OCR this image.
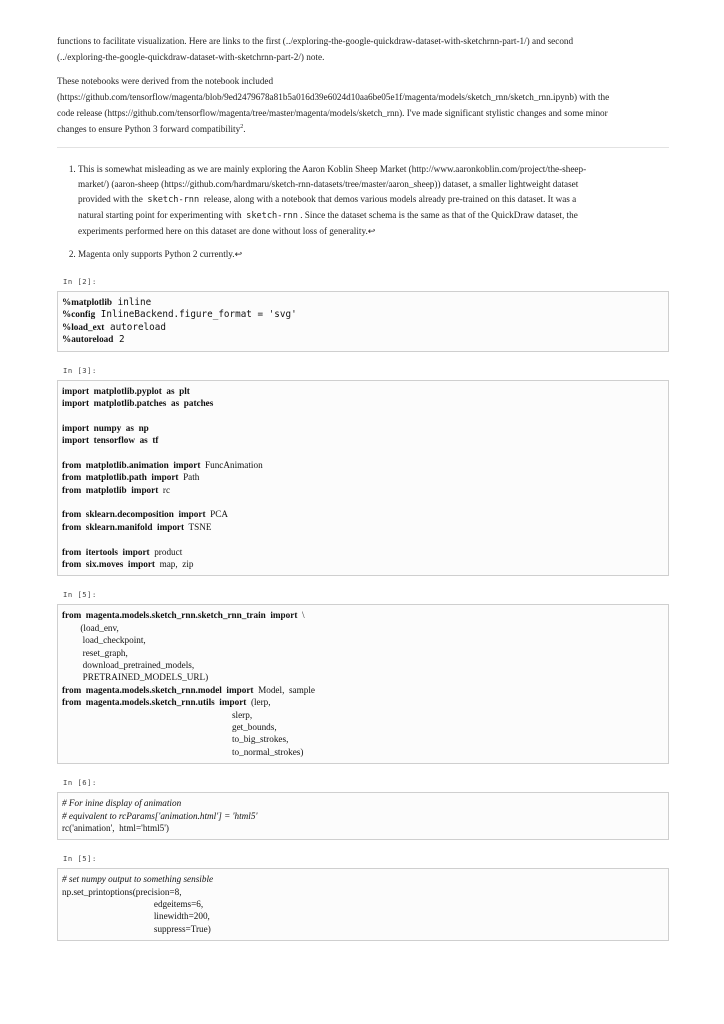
functions to facilitate visualization. Here are links to the first (../exploring-the-google-quickdraw-dataset-with-sketchrnn-part-1/) and second
(../exploring-the-google-quickdraw-dataset-with-sketchrnn-part-2/) note.

These notebooks were derived from the notebook included
(https://github.com/tensorflow/magenta/blob/9ed2479678a81b5a016d39e6024d10aa6be05e1f/magenta/models/sketch_rnn/sketch_rnn.ipynb) with the
code release (https://github.com/tensorflow/magenta/tree/master/magenta/models/sketch_rnn). I've made significant stylistic changes and some minor
changes to ensure Python 3 forward compatibility$^2$.

1. This is somewhat misleading as we are mainly exploring the Aaron Koblin Sheep Market (http://www.aaronkoblin.com/project/the-sheep-
market/) (aaron-sheep (https://github.com/hardmaru/sketch-rnn-datasets/tree/master/aaron_sheep)) dataset, a smaller lightweight dataset
provided with the sketch-rnn release, along with a notebook that demos various models already pre-trained on this dataset. It was a
natural starting point for experimenting with sketch-rnn . Since the dataset schema is the same as that of the QuickDraw dataset, the
experiments performed here on this dataset are done without loss of generality.↩
2. Magenta only supports Python 2 currently.↩
In [2]:
%matplotlib inline
%config InlineBackend.figure_format = 'svg'
%load_ext autoreload
%autoreload 2
In [3]:
import  matplotlib.pyplot  as  plt
import  matplotlib.patches  as  patches
import  numpy  as  np
import  tensorflow  as  tf
from  matplotlib.animation  import  FuncAnimation
from  matplotlib.path  import  Path
from  matplotlib  import  rc
from  sklearn.decomposition  import  PCA
from  sklearn.manifold  import  TSNE
from  itertools  import  product
from  six.moves  import  map,  zip
In [5]:
from  magenta.models.sketch_rnn.sketch_rnn_train  import  \
(load_env,
load_checkpoint,
reset_graph,
download_pretrained_models,
PRETRAINED_MODELS_URL)
from  magenta.models.sketch_rnn.model  import  Model,  sample
from  magenta.models.sketch_rnn.utils  import  (lerp,
slerp,
get_bounds,
to_big_strokes,
to_normal_strokes)
In [6]:
# For inine display of animation
# equivalent to rcParams['animation.html'] = 'html5'
rc('animation',  html='html5')
In [5]:
# set numpy output to something sensible
np.set_printoptions(precision=8,
edgeitems=6,
linewidth=200,
suppress=True)
